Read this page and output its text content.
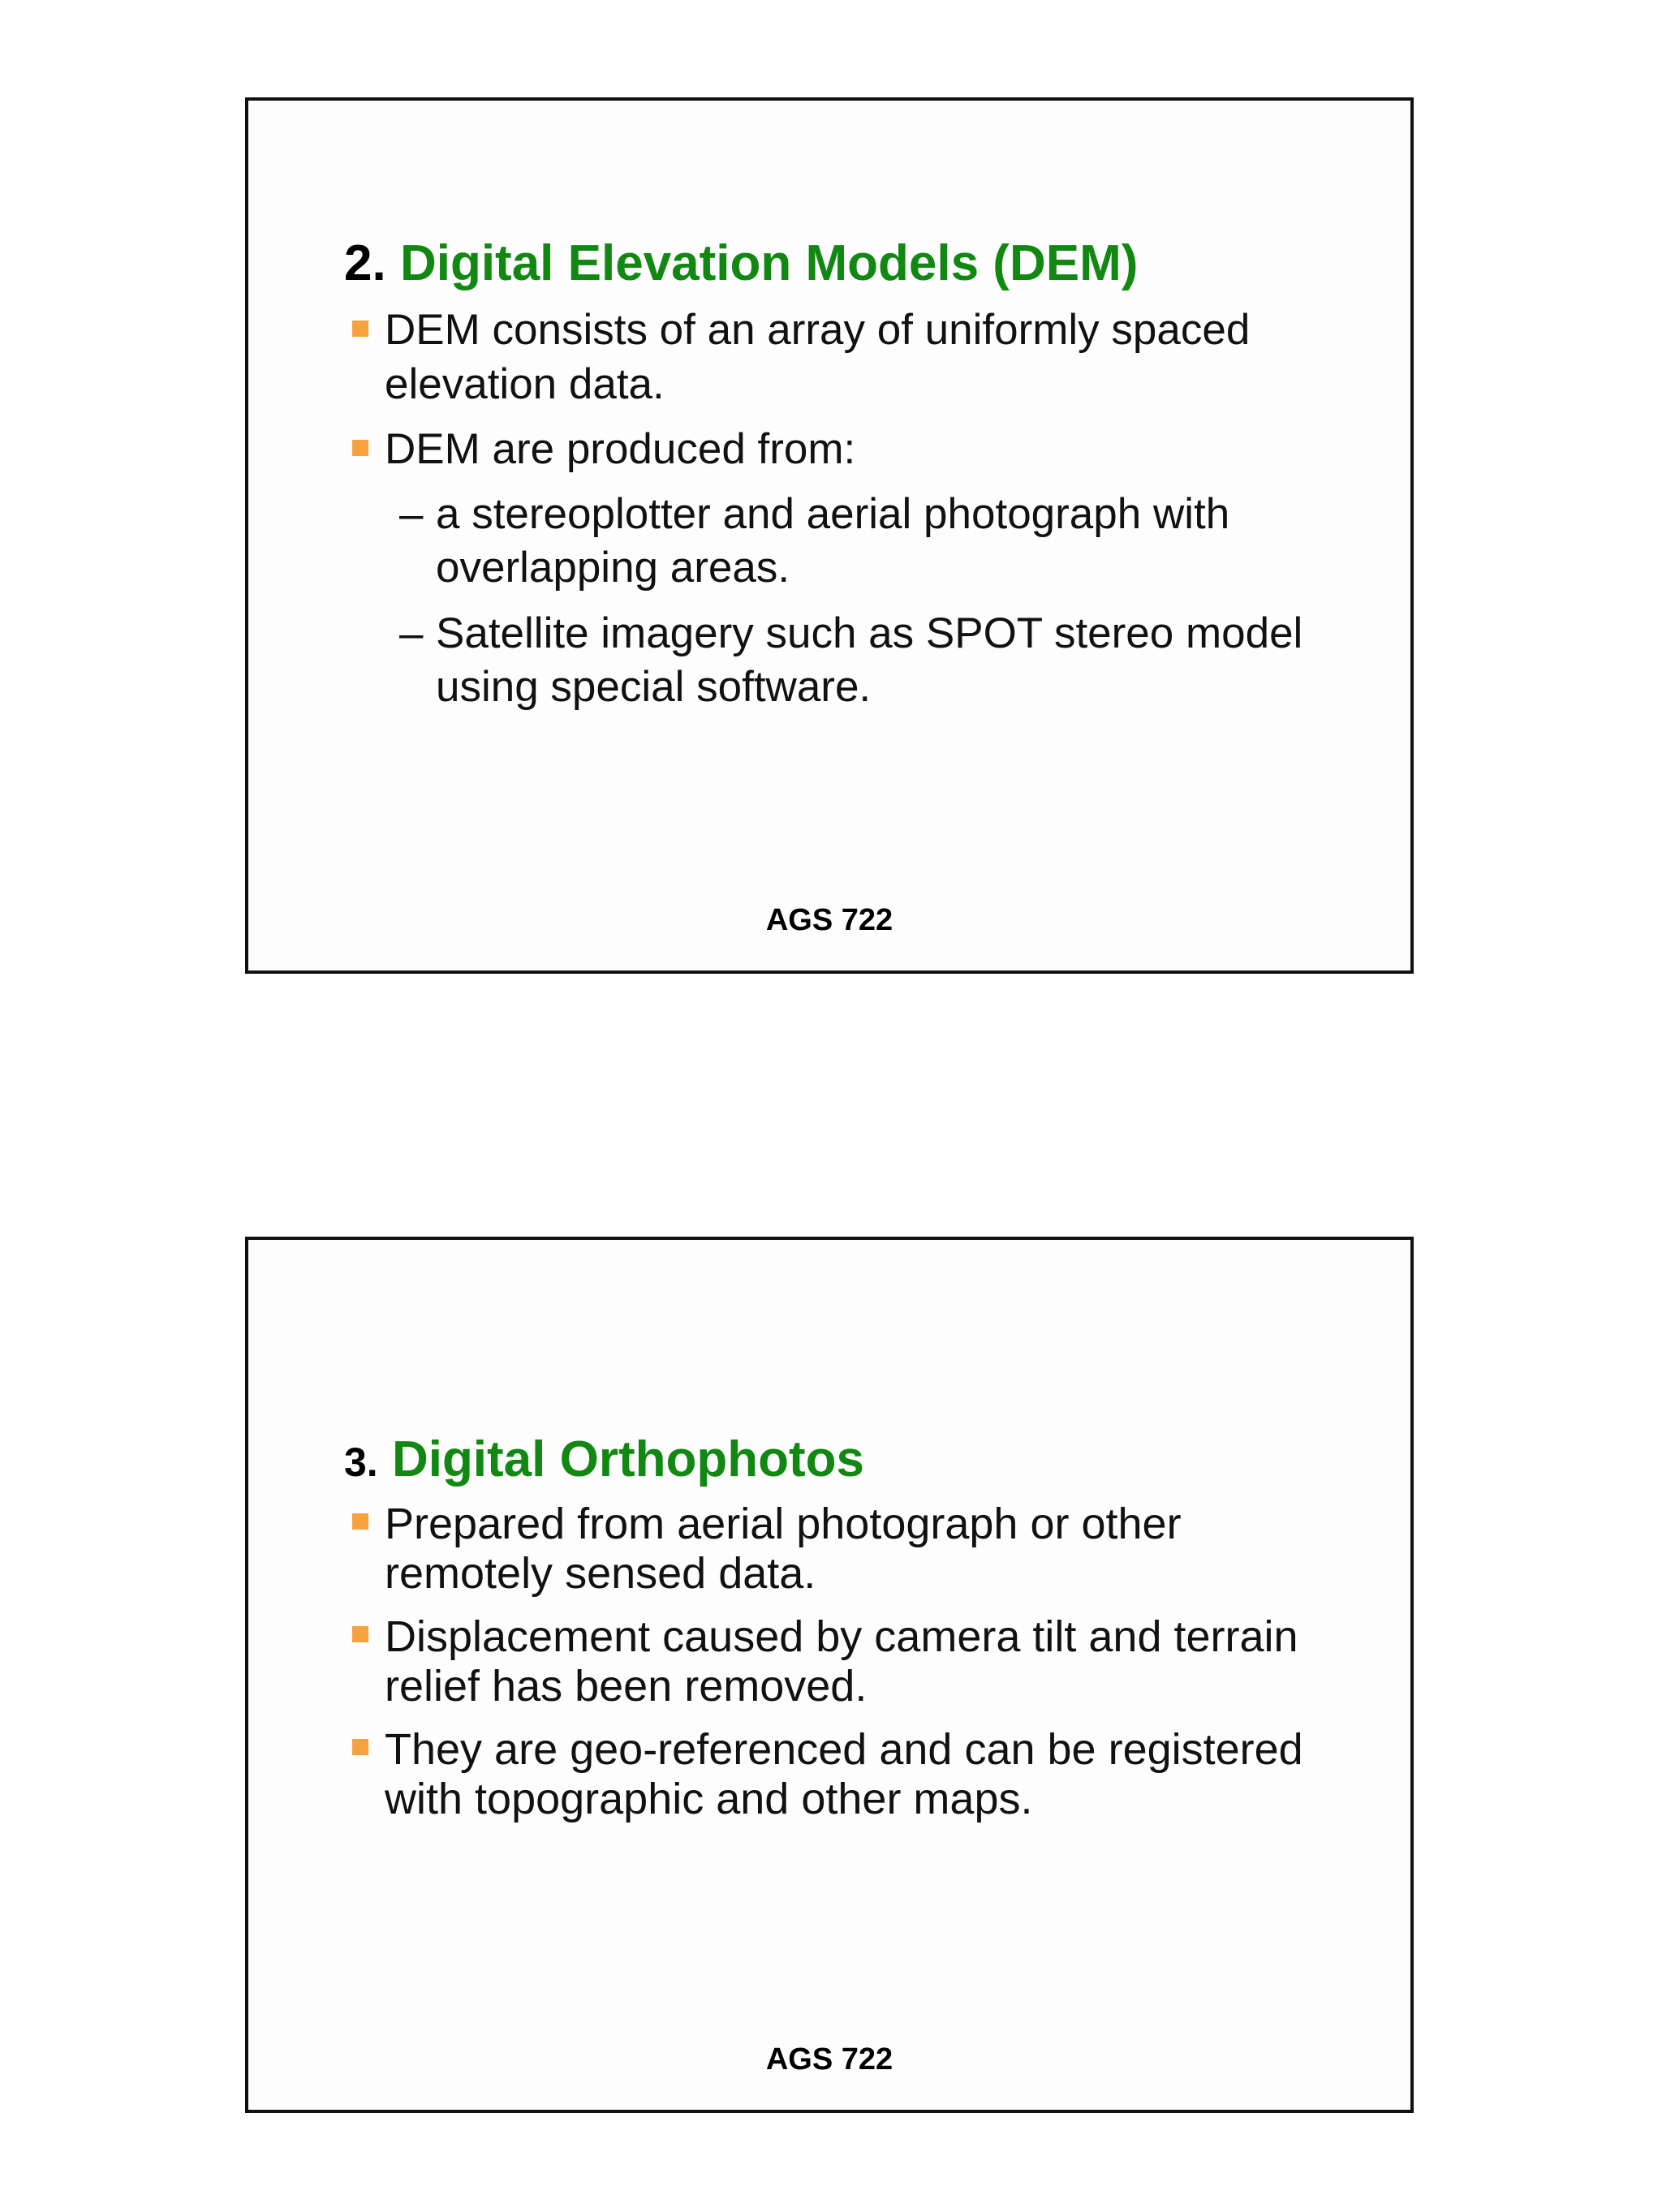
2. Digital Elevation Models (DEM)
DEM consists of an array of uniformly spaced elevation data.
DEM are produced from:
– a stereoplotter and aerial photograph with overlapping areas.
– Satellite imagery such as SPOT stereo model using special software.
AGS 722
3. Digital Orthophotos
Prepared from aerial photograph or other remotely sensed data.
Displacement caused by camera tilt and terrain relief has been removed.
They are geo-referenced and can be registered with topographic and other maps.
AGS 722
